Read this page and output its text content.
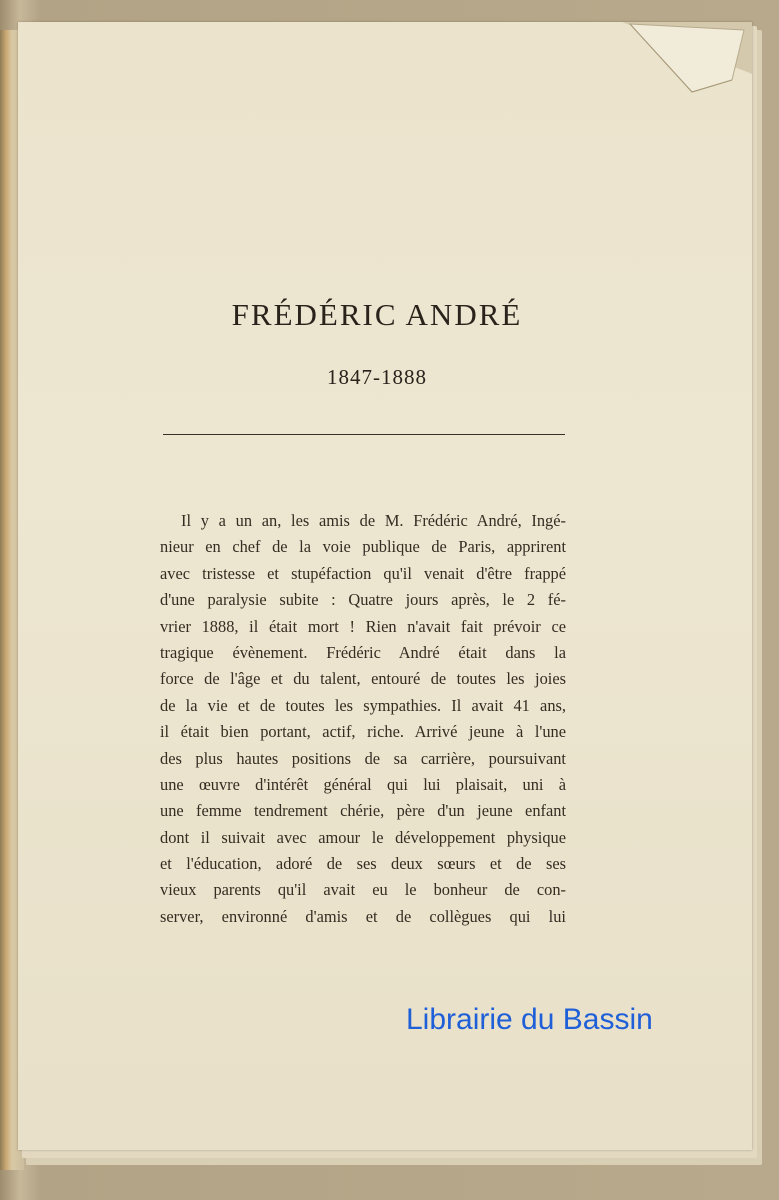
FRÉDÉRIC ANDRÉ
1847-1888
Il y a un an, les amis de M. Frédéric André, Ingé-
nieur en chef de la voie publique de Paris, apprirent
avec tristesse et stupéfaction qu'il venait d'être frappé
d'une paralysie subite : Quatre jours après, le 2 fé-
vrier 1888, il était mort ! Rien n'avait fait prévoir ce
tragique évènement. Frédéric André était dans la
force de l'âge et du talent, entouré de toutes les joies
de la vie et de toutes les sympathies. Il avait 41 ans,
il était bien portant, actif, riche. Arrivé jeune à l'une
des plus hautes positions de sa carrière, poursuivant
une œuvre d'intérêt général qui lui plaisait, uni à
une femme tendrement chérie, père d'un jeune enfant
dont il suivait avec amour le développement physique
et l'éducation, adoré de ses deux sœurs et de ses
vieux parents qu'il avait eu le bonheur de con-
server, environné d'amis et de collègues qui lui
Librairie du Bassin
